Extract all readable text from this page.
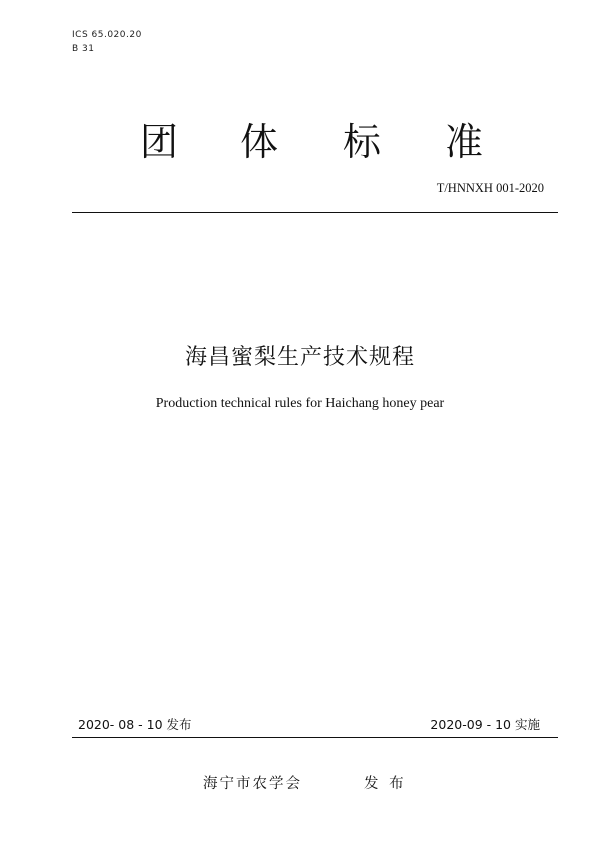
ICS 65.020.20
B 31
团 体 标 准
T/HNNXH 001-2020
海昌蜜梨生产技术规程
Production technical rules for Haichang honey pear
2020- 08 - 10 发布	2020-09 - 10 实施
海宁市农学会	发 布
